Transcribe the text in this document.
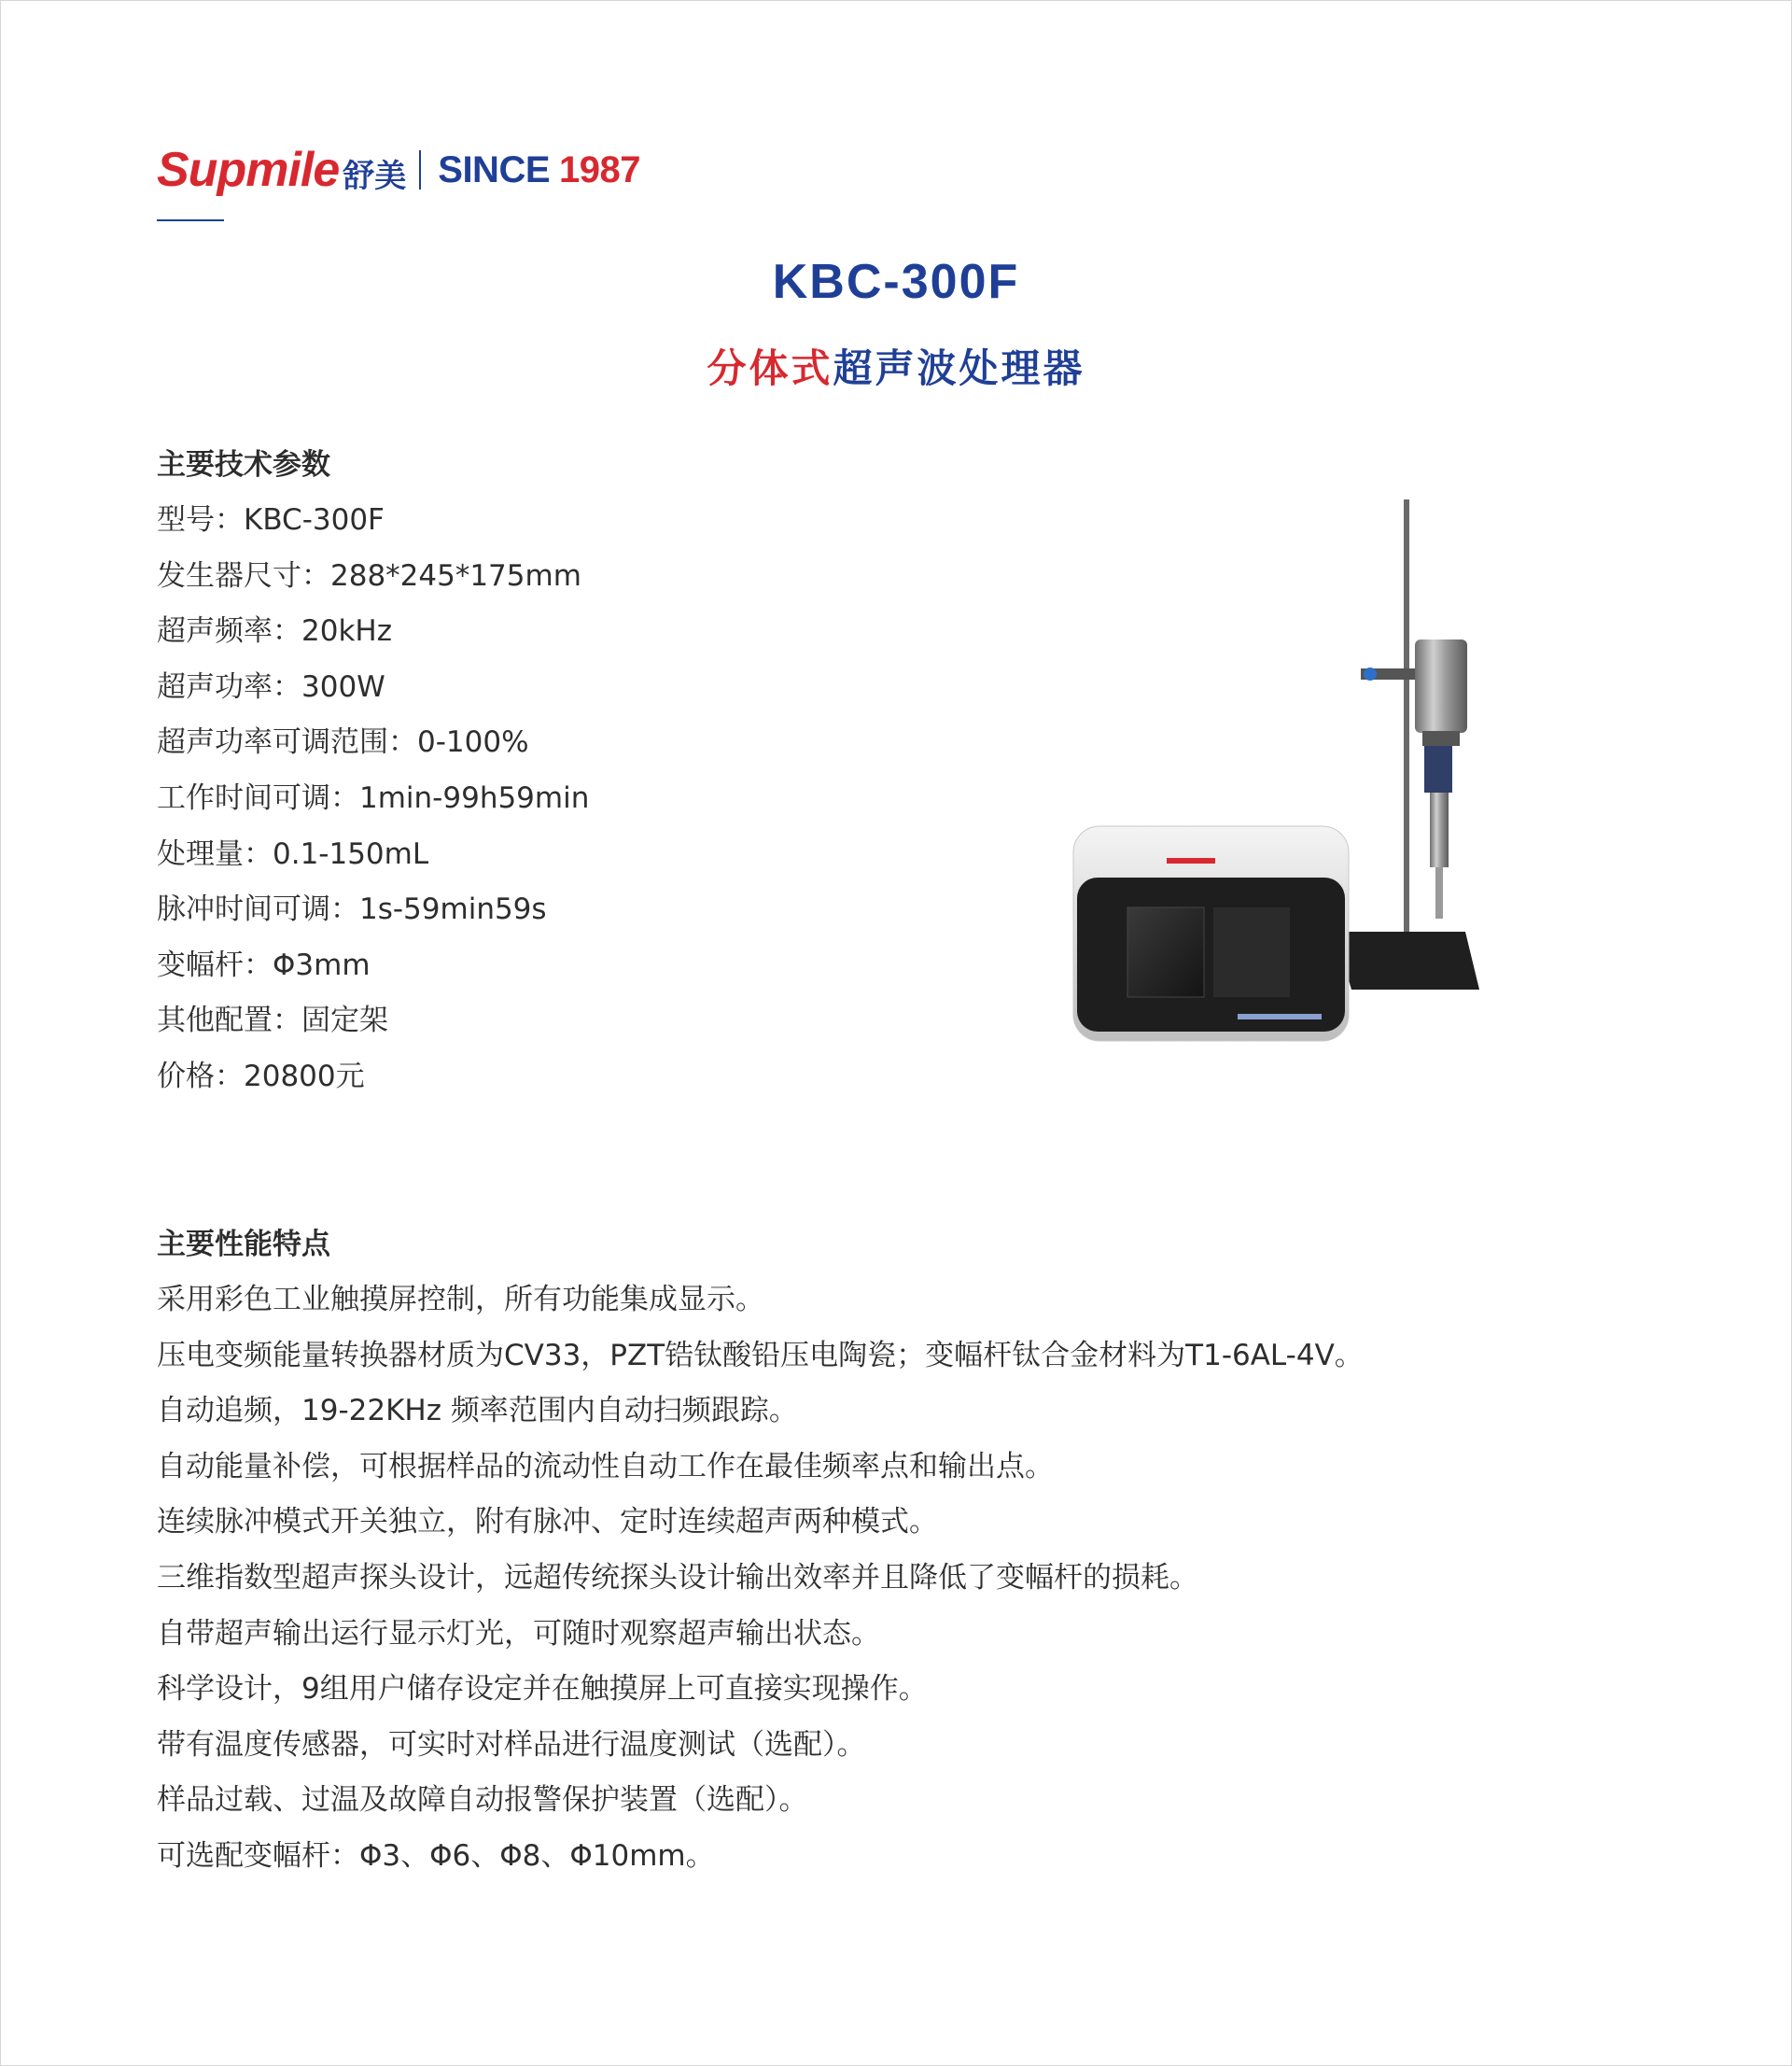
Supmile 舒美 SINCE 1987
KBC-300F
分体式超声波处理器
主要技术参数
型号：KBC-300F
发生器尺寸：288*245*175mm
超声频率：20kHz
超声功率：300W
超声功率可调范围：0-100%
工作时间可调：1min-99h59min
处理量：0.1-150mL
脉冲时间可调：1s-59min59s
变幅杆：Φ3mm
其他配置：固定架
价格：20800元
主要性能特点
采用彩色工业触摸屏控制，所有功能集成显示。
压电变频能量转换器材质为CV33，PZT锆钛酸铅压电陶瓷；变幅杆钛合金材料为T1-6AL-4V。
自动追频，19-22KHz 频率范围内自动扫频跟踪。
自动能量补偿，可根据样品的流动性自动工作在最佳频率点和输出点。
连续脉冲模式开关独立，附有脉冲、定时连续超声两种模式。
三维指数型超声探头设计，远超传统探头设计输出效率并且降低了变幅杆的损耗。
自带超声输出运行显示灯光，可随时观察超声输出状态。
科学设计，9组用户储存设定并在触摸屏上可直接实现操作。
带有温度传感器，可实时对样品进行温度测试（选配）。
样品过载、过温及故障自动报警保护装置（选配）。
可选配变幅杆：Φ3、Φ6、Φ8、Φ10mm。
